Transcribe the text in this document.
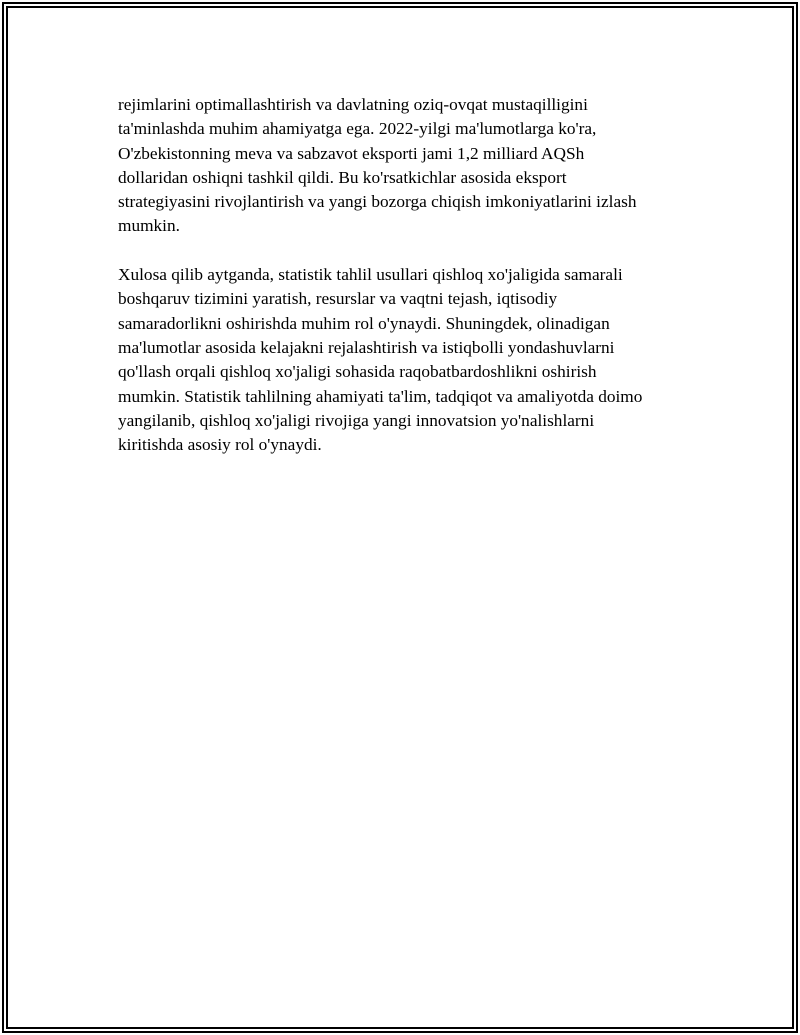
rejimlarini optimallashtirish va davlatning oziq-ovqat mustaqilligini
ta'minlashda muhim ahamiyatga ega. 2022-yilgi ma'lumotlarga ko'ra,
O'zbekistonning meva va sabzavot eksporti jami 1,2 milliard AQSh
dollaridan oshiqni tashkil qildi. Bu ko'rsatkichlar asosida eksport
strategiyasini rivojlantirish va yangi bozorga chiqish imkoniyatlarini izlash
mumkin.

Xulosa qilib aytganda, statistik tahlil usullari qishloq xo'jaligida samarali
boshqaruv tizimini yaratish, resurslar va vaqtni tejash, iqtisodiy
samaradorlikni oshirishda muhim rol o'ynaydi. Shuningdek, olinadigan
ma'lumotlar asosida kelajakni rejalashtirish va istiqbolli yondashuvlarni
qo'llash orqali qishloq xo'jaligi sohasida raqobatbardoshlikni oshirish
mumkin. Statistik tahlilning ahamiyati ta'lim, tadqiqot va amaliyotda doimo
yangilanib, qishloq xo'jaligi rivojiga yangi innovatsion yo'nalishlarni
kiritishda asosiy rol o'ynaydi.
